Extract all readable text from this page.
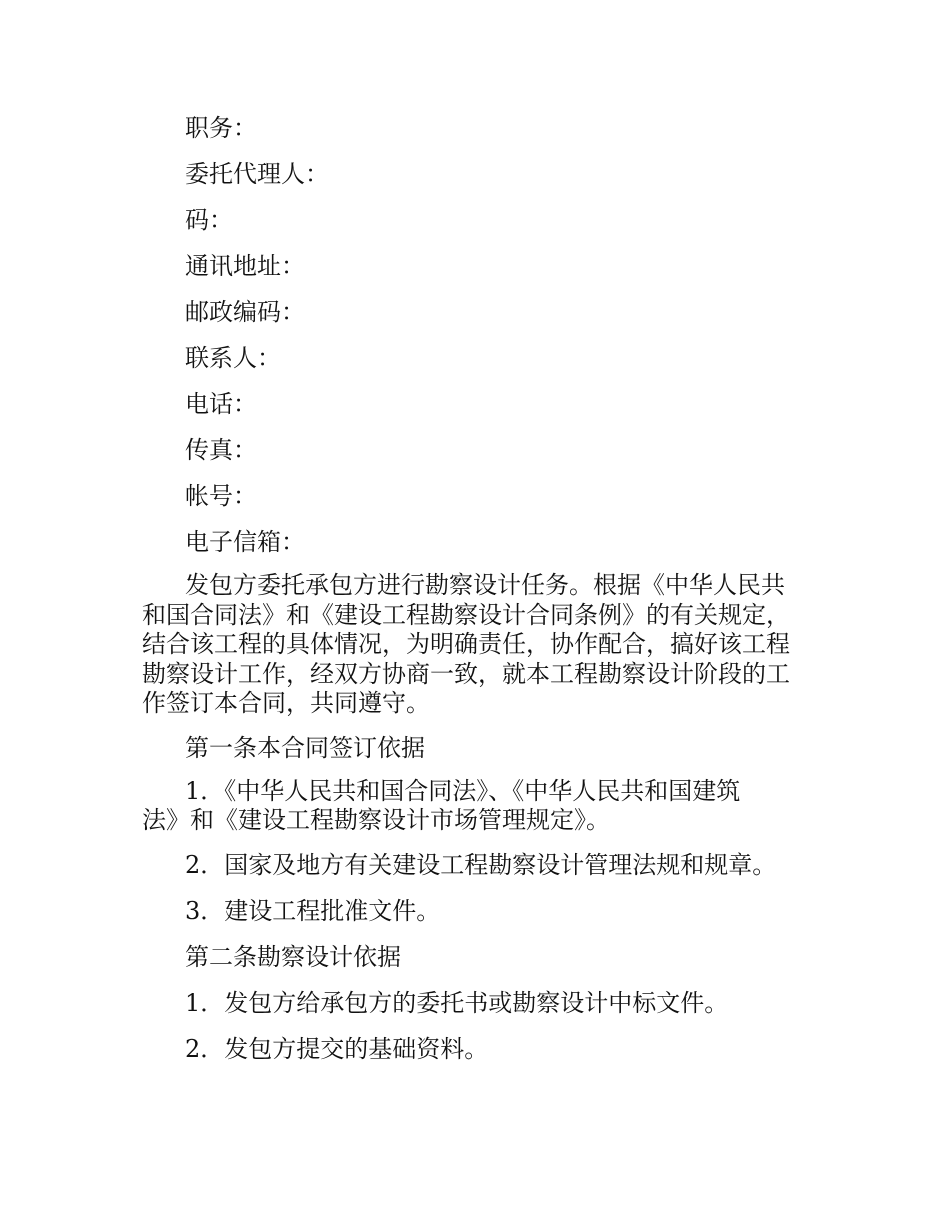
职务：

委托代理人：

码：

通讯地址：

邮政编码：

联系人：

电话：

传真：

帐号：

电子信箱：

发包方委托承包方进行勘察设计任务。根据《中华人民共
和国合同法》和《建设工程勘察设计合同条例》的有关规定，
结合该工程的具体情况，为明确责任，协作配合，搞好该工程
勘察设计工作，经双方协商一致，就本工程勘察设计阶段的工
作签订本合同，共同遵守。

第一条本合同签订依据

1．《中华人民共和国合同法》、《中华人民共和国建筑
法》和《建设工程勘察设计市场管理规定》。

2．国家及地方有关建设工程勘察设计管理法规和规章。

3．建设工程批准文件。

第二条勘察设计依据

1．发包方给承包方的委托书或勘察设计中标文件。

2．发包方提交的基础资料。
